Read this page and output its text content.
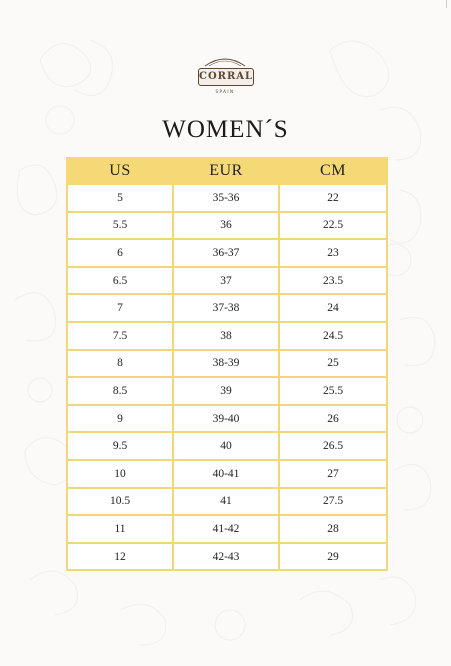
CORRAL
SPAIN
WOMEN´S
US	EUR	CM
5	35-36	22
5.5	36	22.5
6	36-37	23
6.5	37	23.5
7	37-38	24
7.5	38	24.5
8	38-39	25
8.5	39	25.5
9	39-40	26
9.5	40	26.5
10	40-41	27
10.5	41	27.5
11	41-42	28
12	42-43	29
